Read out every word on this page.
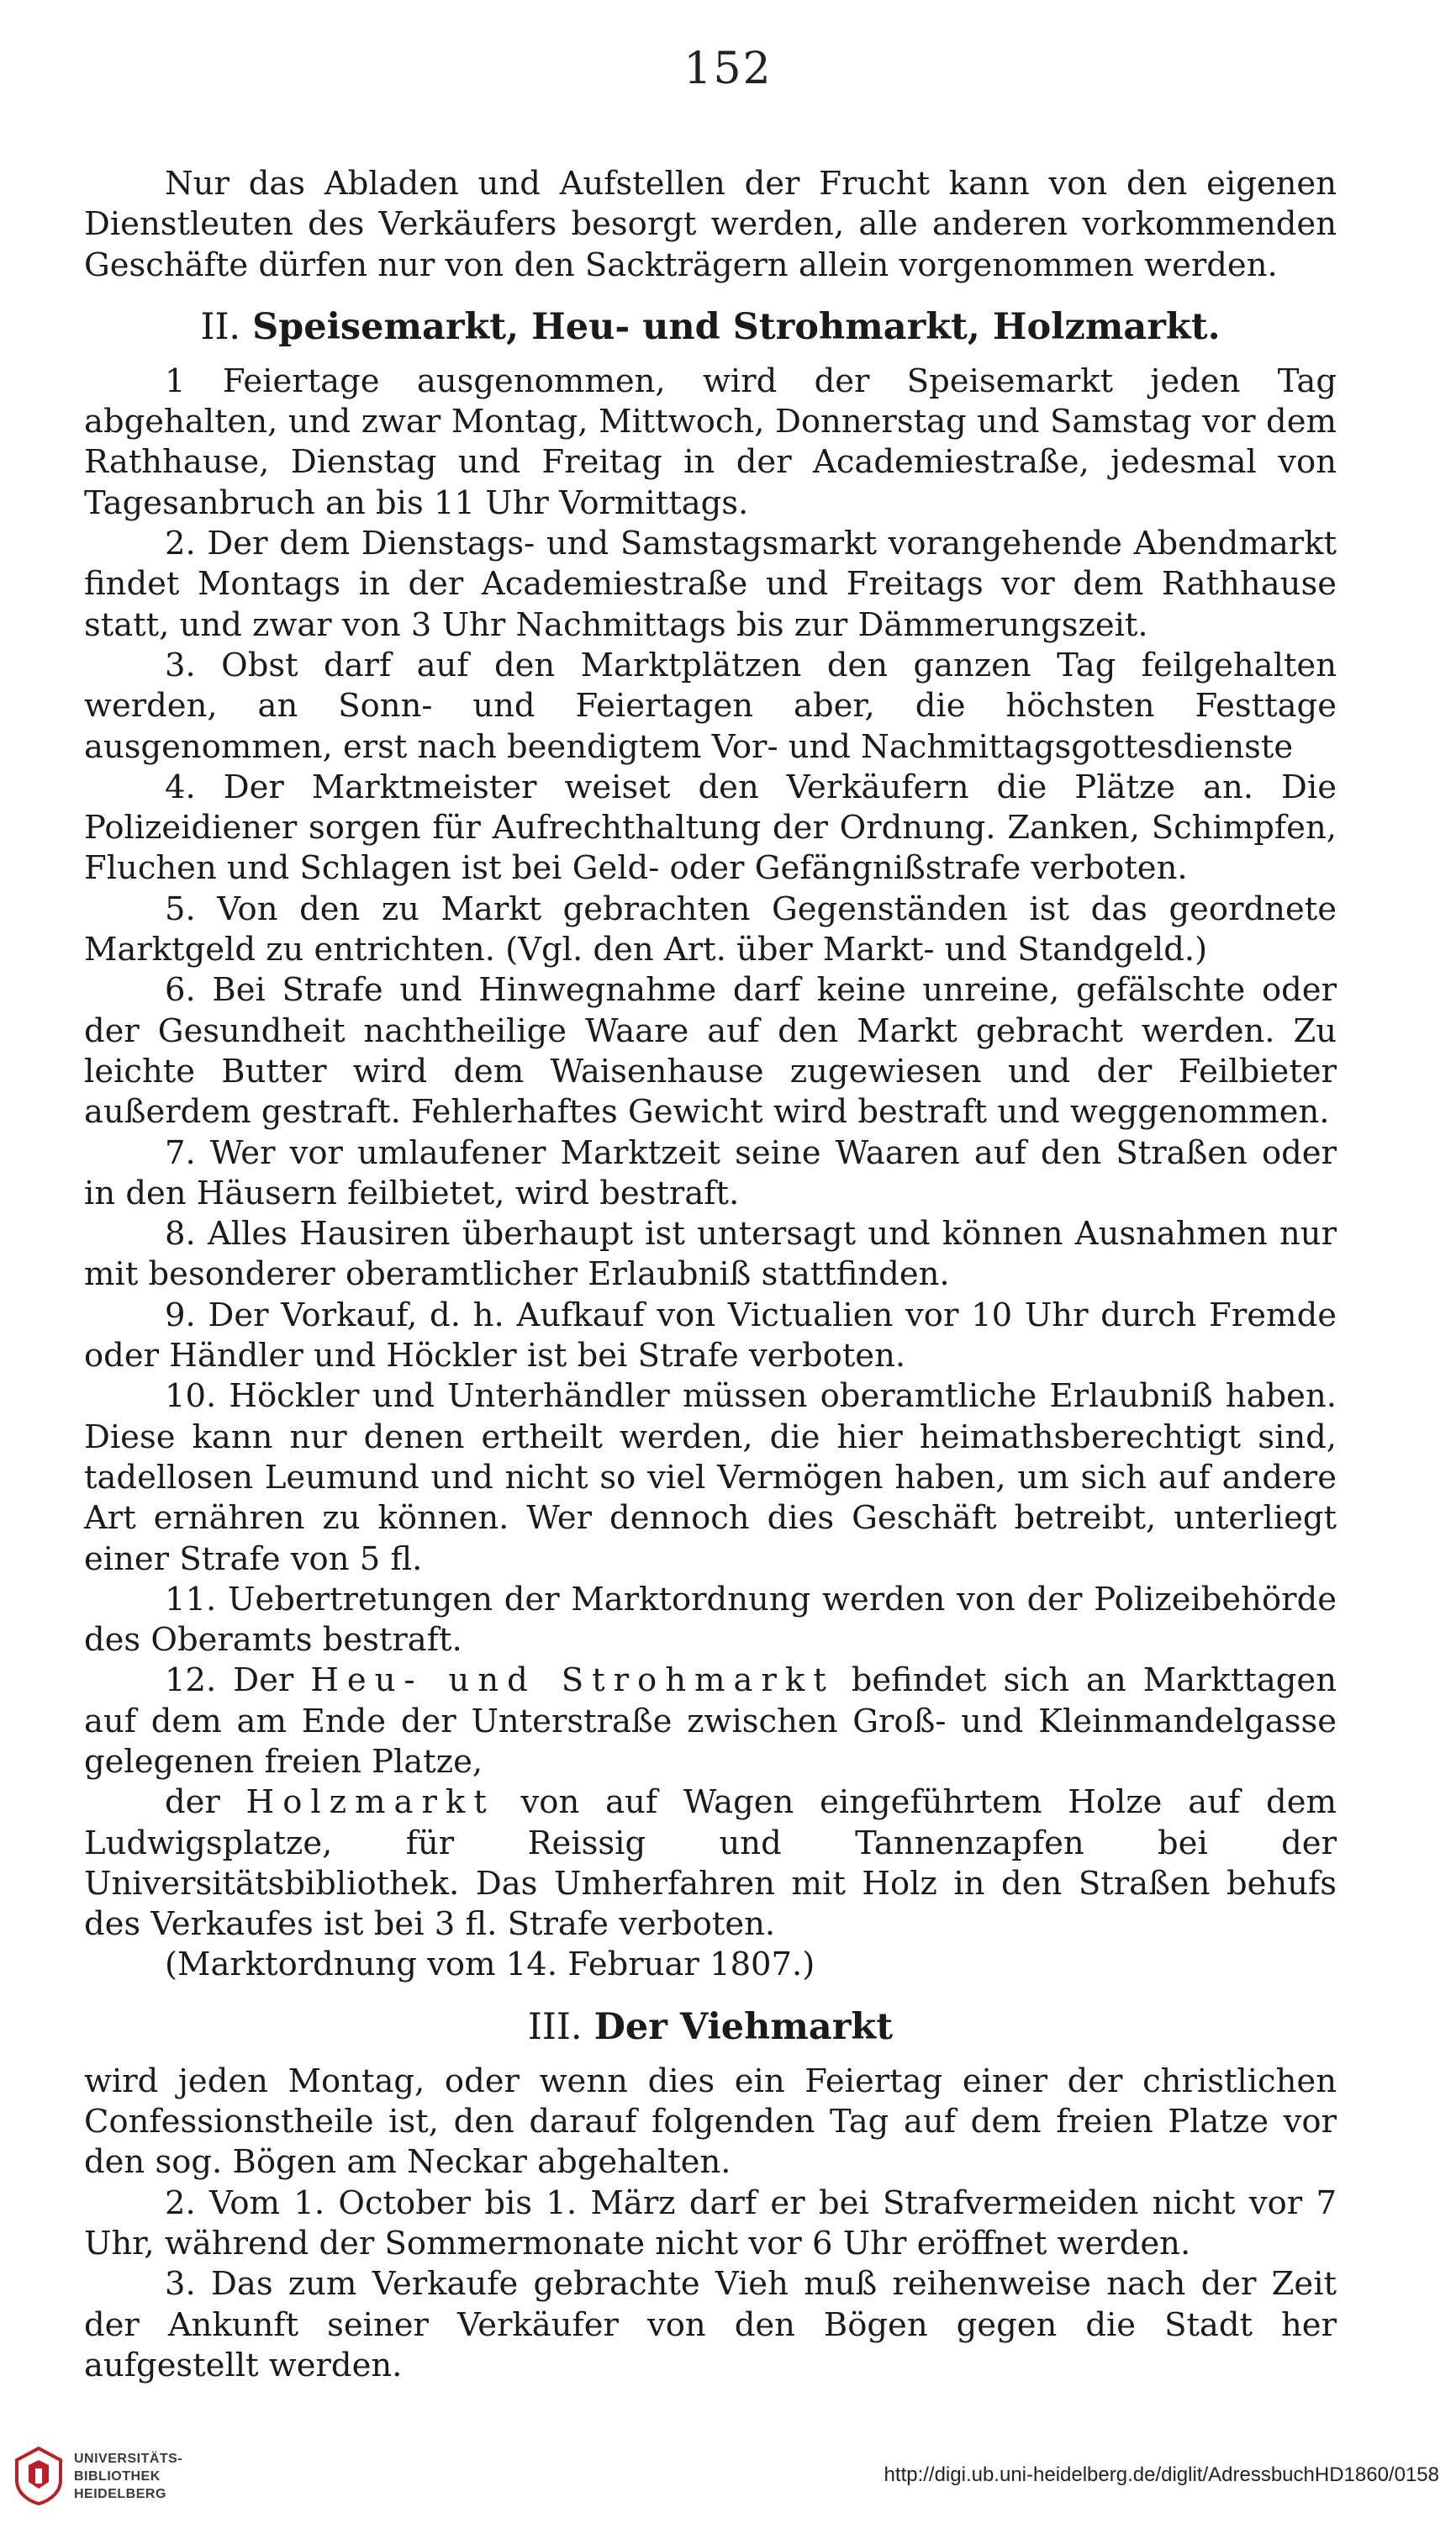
152

Nur das Abladen und Aufstellen der Frucht kann von den eigenen Dienstleuten des Verkäufers besorgt werden, alle anderen vorkommenden Geschäfte dürfen nur von den Sackträgern allein vorgenommen werden.

II. Speisemarkt, Heu- und Strohmarkt, Holzmarkt.

1 Feiertage ausgenommen, wird der Speisemarkt jeden Tag abgehalten, und zwar Montag, Mittwoch, Donnerstag und Samstag vor dem Rathhause, Dienstag und Freitag in der Academiestraße, jedesmal von Tagesanbruch an bis 11 Uhr Vormittags.

2. Der dem Dienstags- und Samstagsmarkt vorangehende Abendmarkt findet Montags in der Academiestraße und Freitags vor dem Rathhause statt, und zwar von 3 Uhr Nachmittags bis zur Dämmerungszeit.

3. Obst darf auf den Marktplätzen den ganzen Tag feilgehalten werden, an Sonn- und Feiertagen aber, die höchsten Festtage ausgenommen, erst nach beendigtem Vor- und Nachmittagsgottesdienste

4. Der Marktmeister weiset den Verkäufern die Plätze an. Die Polizeidiener sorgen für Aufrechthaltung der Ordnung. Zanken, Schimpfen, Fluchen und Schlagen ist bei Geld- oder Gefängnißstrafe verboten.

5. Von den zu Markt gebrachten Gegenständen ist das geordnete Marktgeld zu entrichten. (Vgl. den Art. über Markt- und Standgeld.)

6. Bei Strafe und Hinwegnahme darf keine unreine, gefälschte oder der Gesundheit nachtheilige Waare auf den Markt gebracht werden. Zu leichte Butter wird dem Waisenhause zugewiesen und der Feilbieter außerdem gestraft. Fehlerhaftes Gewicht wird bestraft und weggenommen.

7. Wer vor umlaufener Marktzeit seine Waaren auf den Straßen oder in den Häusern feilbietet, wird bestraft.

8. Alles Hausiren überhaupt ist untersagt und können Ausnahmen nur mit besonderer oberamtlicher Erlaubniß stattfinden.

9. Der Vorkauf, d. h. Aufkauf von Victualien vor 10 Uhr durch Fremde oder Händler und Höckler ist bei Strafe verboten.

10. Höckler und Unterhändler müssen oberamtliche Erlaubniß haben. Diese kann nur denen ertheilt werden, die hier heimathsberechtigt sind, tadellosen Leumund und nicht so viel Vermögen haben, um sich auf andere Art ernähren zu können. Wer dennoch dies Geschäft betreibt, unterliegt einer Strafe von 5 fl.

11. Uebertretungen der Marktordnung werden von der Polizeibehörde des Oberamts bestraft.

12. Der Heu- und Strohmarkt befindet sich an Markttagen auf dem am Ende der Unterstraße zwischen Groß- und Kleinmandelgasse gelegenen freien Platze,

der Holzmarkt von auf Wagen eingeführtem Holze auf dem Ludwigsplatze, für Reissig und Tannenzapfen bei der Universitätsbibliothek. Das Umherfahren mit Holz in den Straßen behufs des Verkaufes ist bei 3 fl. Strafe verboten.

(Marktordnung vom 14. Februar 1807.)

III. Der Viehmarkt

wird jeden Montag, oder wenn dies ein Feiertag einer der christlichen Confessionstheile ist, den darauf folgenden Tag auf dem freien Platze vor den sog. Bögen am Neckar abgehalten.

2. Vom 1. October bis 1. März darf er bei Strafvermeiden nicht vor 7 Uhr, während der Sommermonate nicht vor 6 Uhr eröffnet werden.

3. Das zum Verkaufe gebrachte Vieh muß reihenweise nach der Zeit der Ankunft seiner Verkäufer von den Bögen gegen die Stadt her aufgestellt werden.

UNIVERSITÄTS-
BIBLIOTHEK
HEIDELBERG
http://digi.ub.uni-heidelberg.de/diglit/AdressbuchHD1860/0158
